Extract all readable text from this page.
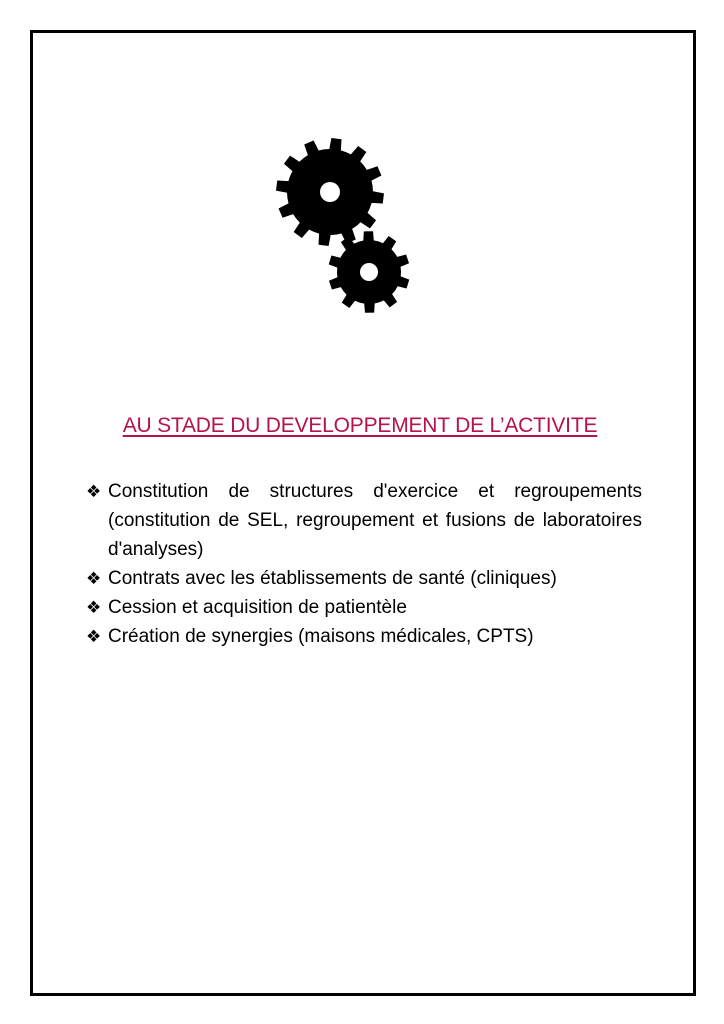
AU STADE DU DEVELOPPEMENT DE L’ACTIVITE
❖ Constitution de structures d'exercice et regroupements (constitution de SEL, regroupement et fusions de laboratoires d'analyses)
❖ Contrats avec les établissements de santé (cliniques)
❖ Cession et acquisition de patientèle
❖ Création de synergies (maisons médicales, CPTS)
